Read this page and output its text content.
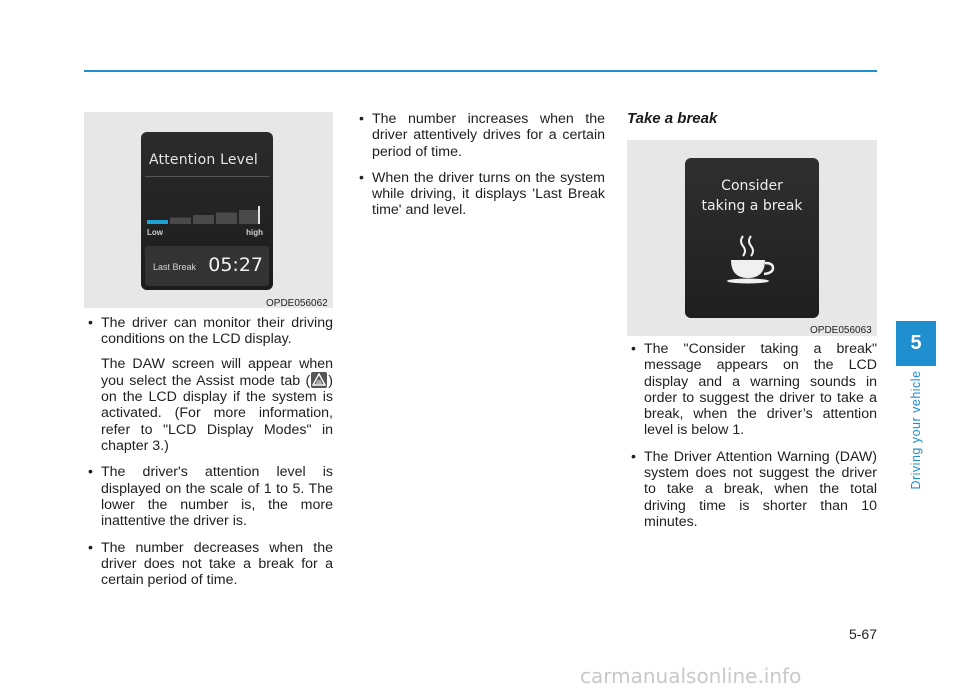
Attention Level
Low	high
Last Break 05:27
OPDE056062
• The driver can monitor their driving conditions on the LCD display.

The DAW screen will appear when you select the Assist mode tab ( ) on the LCD display if the system is activated. (For more information, refer to "LCD Display Modes" in chapter 3.)

• The driver's attention level is displayed on the scale of 1 to 5. The lower the number is, the more inattentive the driver is.
• The number decreases when the driver does not take a break for a certain period of time.
• The number increases when the driver attentively drives for a certain period of time.
• When the driver turns on the system while driving, it displays 'Last Break time' and level.
Take a break
Consider
taking a break
OPDE056063
• The "Consider taking a break" message appears on the LCD display and a warning sounds in order to suggest the driver to take a break, when the driver’s attention level is below 1.
• The Driver Attention Warning (DAW) system does not suggest the driver to take a break, when the total driving time is shorter than 10 minutes.
5
Driving your vehicle
5-67
carmanualsonline.info
